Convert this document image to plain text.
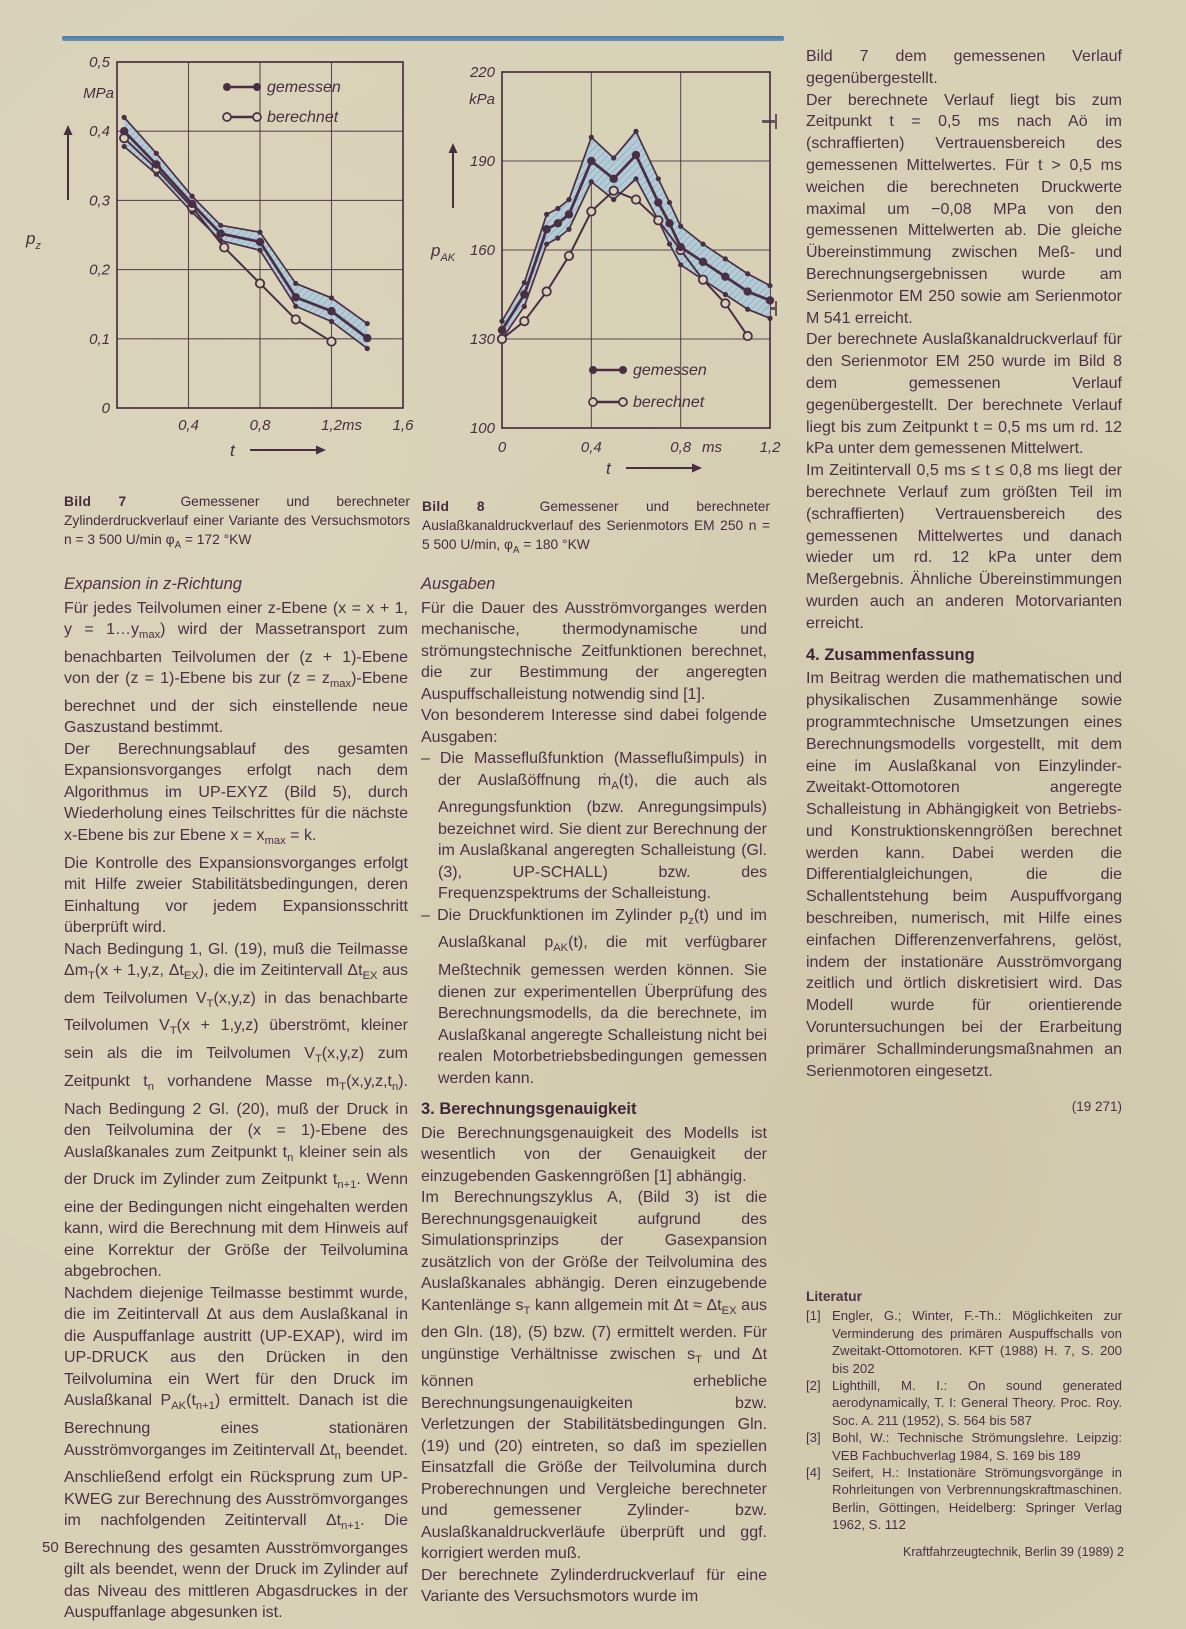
0
0,1
0,2
0,3
0,4
0,5
0,4	0,8	1,2	1,6
ms
MPa
$p_z$
t
gemessen
berechnet
Bild 7	Gemessener und berechneter Zylinderdruckverlauf einer Variante des Versuchsmotors n = 3 500 U/min $\varphi_A = 172$ °KW
100
130
160
190
220
0	0,4	0,8	1,2
ms
kPa
$p_{AK}$
t
gemessen
berechnet
Bild 8	Gemessener und berechneter Auslaßkanaldruckverlauf des Serienmotors EM 250 n = 5 500 U/min, $\varphi_A = 180$ °KW
Expansion in z-Richtung

Für jedes Teilvolumen einer z-Ebene (x = x + 1, $y = 1\dots y_{max}$) wird der Massetransport zum benachbarten Teilvolumen der (z + 1)-Ebene von der (z = 1)-Ebene bis zur $(z = z_{max})$-Ebene berechnet und der sich einstellende neue Gaszustand bestimmt.

Der Berechnungsablauf des gesamten Expansionsvorganges erfolgt nach dem Algorithmus im UP-EXYZ (Bild 5), durch Wiederholung eines Teilschrittes für die nächste x-Ebene bis zur Ebene $x = x_{max} = k$.

Die Kontrolle des Expansionsvorganges erfolgt mit Hilfe zweier Stabilitätsbedingungen, deren Einhaltung vor jedem Expansionsschritt überprüft wird.

Nach Bedingung 1, Gl. (19), muß die Teilmasse $\Delta m_T(x + 1,y,z$, $\Delta t_{EX}$), die im Zeitintervall $\Delta t_{EX}$ aus dem Teilvolumen $V_T(x,y,z)$ in das benachbarte Teilvolumen $V_T(x + 1,y,z)$ überströmt, kleiner sein als die im Teilvolumen $V_T(x,y,z)$ zum Zeitpunkt $t_n$ vorhandene Masse $m_T(x,y,z,t_n)$. Nach Bedingung 2 Gl. (20), muß der Druck in den Teilvolumina der (x = 1)-Ebene des Auslaßkanales zum Zeitpunkt $t_n$ kleiner sein als der Druck im Zylinder zum Zeitpunkt $t_{n+1}$. Wenn eine der Bedingungen nicht eingehalten werden kann, wird die Berechnung mit dem Hinweis auf eine Korrektur der Größe der Teilvolumina abgebrochen.

Nachdem diejenige Teilmasse bestimmt wurde, die im Zeitintervall Δt aus dem Auslaßkanal in die Auspuffanlage austritt (UP-EXAP), wird im UP-DRUCK aus den Drücken in den Teilvolumina ein Wert für den Druck im Auslaßkanal $P_{AK}(t_{n+1})$ ermittelt. Danach ist die Berechnung eines stationären Ausströmvorganges im Zeitintervall $\Delta t_n$ beendet. Anschließend erfolgt ein Rücksprung zum UP-KWEG zur Berechnung des Ausströmvorganges im nachfolgenden Zeitintervall $\Delta t_{n+1}$. Die Berechnung des gesamten Ausströmvorganges gilt als beendet, wenn der Druck im Zylinder auf das Niveau des mittleren Abgasdruckes in der Auspuffanlage abgesunken ist.

Ausgaben

Für die Dauer des Ausströmvorganges werden mechanische, thermodynamische und strömungstechnische Zeitfunktionen berechnet, die zur Bestimmung der angeregten Auspuffschalleistung notwendig sind [1].

Von besonderem Interesse sind dabei folgende Ausgaben:

– Die Masseflußfunktion (Masseflußimpuls) in der Auslaßöffnung ṁ$_A$(t), die auch als Anregungsfunktion (bzw. Anregungsimpuls) bezeichnet wird. Sie dient zur Berechnung der im Auslaßkanal angeregten Schalleistung (Gl. (3), UP-SCHALL) bzw. des Frequenzspektrums der Schalleistung.

– Die Druckfunktionen im Zylinder $p_z(t)$ und im Auslaßkanal $p_{AK}(t)$, die mit verfügbarer Meßtechnik gemessen werden können. Sie dienen zur experimentellen Überprüfung des Berechnungsmodells, da die berechnete, im Auslaßkanal angeregte Schalleistung nicht bei realen Motorbetriebsbedingungen gemessen werden kann.

3. Berechnungsgenauigkeit

Die Berechnungsgenauigkeit des Modells ist wesentlich von der Genauigkeit der einzugebenden Gaskenngrößen [1] abhängig.

Im Berechnungszyklus A, (Bild 3) ist die Berechnungsgenauigkeit aufgrund des Simulationsprinzips der Gasexpansion zusätzlich von der Größe der Teilvolumina des Auslaßkanales abhängig. Deren einzugebende Kantenlänge $s_T$ kann allgemein mit $\Delta t \approx \Delta t_{EX}$ aus den Gln. (18), (5) bzw. (7) ermittelt werden. Für ungünstige Verhältnisse zwischen $s_T$ und Δt können erhebliche Berechnungsungenauigkeiten bzw. Verletzungen der Stabilitätsbedingungen Gln. (19) und (20) eintreten, so daß im speziellen Einsatzfall die Größe der Teilvolumina durch Proberechnungen und Vergleiche berechneter und gemessener Zylinder- bzw. Auslaßkanaldruckverläufe überprüft und ggf. korrigiert werden muß.

Der berechnete Zylinderdruckverlauf für eine Variante des Versuchsmotors wurde im

Bild 7 dem gemessenen Verlauf gegenübergestellt.

Der berechnete Verlauf liegt bis zum Zeitpunkt t = 0,5 ms nach Aö im (schraffierten) Vertrauensbereich des gemessenen Mittelwertes. Für t > 0,5 ms weichen die berechneten Druckwerte maximal um −0,08 MPa von den gemessenen Mittelwerten ab. Die gleiche Übereinstimmung zwischen Meß- und Berechnungsergebnissen wurde am Serienmotor EM 250 sowie am Serienmotor M 541 erreicht.

Der berechnete Auslaßkanaldruckverlauf für den Serienmotor EM 250 wurde im Bild 8 dem gemessenen Verlauf gegenübergestellt. Der berechnete Verlauf liegt bis zum Zeitpunkt t = 0,5 ms um rd. 12 kPa unter dem gemessenen Mittelwert.

Im Zeitintervall 0,5 ms ≤ t ≤ 0,8 ms liegt der berechnete Verlauf zum größten Teil im (schraffierten) Vertrauensbereich des gemessenen Mittelwertes und danach wieder um rd. 12 kPa unter dem Meßergebnis. Ähnliche Übereinstimmungen wurden auch an anderen Motorvarianten erreicht.

4. Zusammenfassung

Im Beitrag werden die mathematischen und physikalischen Zusammenhänge sowie programmtechnische Umsetzungen eines Berechnungsmodells vorgestellt, mit dem eine im Auslaßkanal von Einzylinder-Zweitakt-Ottomotoren angeregte Schalleistung in Abhängigkeit von Betriebs- und Konstruktionskenngrößen berechnet werden kann. Dabei werden die Differentialgleichungen, die die Schallentstehung beim Auspuffvorgang beschreiben, numerisch, mit Hilfe eines einfachen Differenzenverfahrens, gelöst, indem der instationäre Ausströmvorgang zeitlich und örtlich diskretisiert wird. Das Modell wurde für orientierende Voruntersuchungen bei der Erarbeitung primärer Schallminderungsmaßnahmen an Serienmotoren eingesetzt.

(19 271)
Literatur
[1] Engler, G.; Winter, F.-Th.: Möglichkeiten zur Verminderung des primären Auspuffschalls von Zweitakt-Ottomotoren. KFT (1988) H. 7, S. 200 bis 202
[2] Lighthill, M. I.: On sound generated aerodynamically, T. I: General Theory. Proc. Roy. Soc. A. 211 (1952), S. 564 bis 587
[3] Bohl, W.: Technische Strömungslehre. Leipzig: VEB Fachbuchverlag 1984, S. 169 bis 189
[4] Seifert, H.: Instationäre Strömungsvorgänge in Rohrleitungen von Verbrennungskraftmaschinen. Berlin, Göttingen, Heidelberg: Springer Verlag 1962, S. 112
50	Kraftfahrzeugtechnik, Berlin 39 (1989) 2
